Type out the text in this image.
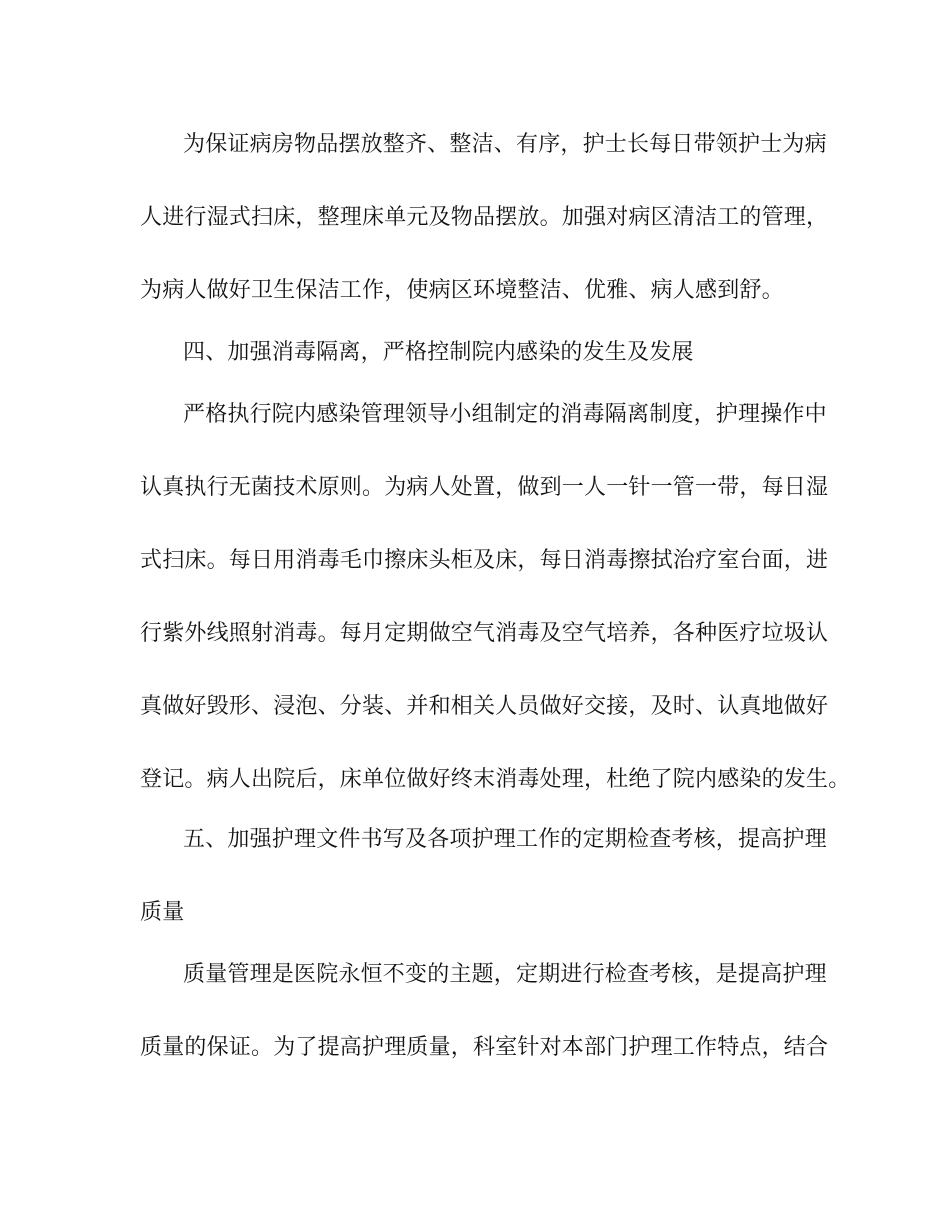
为保证病房物品摆放整齐、整洁、有序，护士长每日带领护士为病
人进行湿式扫床，整理床单元及物品摆放。加强对病区清洁工的管理，
为病人做好卫生保洁工作，使病区环境整洁、优雅、病人感到舒。
四、加强消毒隔离，严格控制院内感染的发生及发展
严格执行院内感染管理领导小组制定的消毒隔离制度，护理操作中
认真执行无菌技术原则。为病人处置，做到一人一针一管一带，每日湿
式扫床。每日用消毒毛巾擦床头柜及床，每日消毒擦拭治疗室台面，进
行紫外线照射消毒。每月定期做空气消毒及空气培养，各种医疗垃圾认
真做好毁形、浸泡、分装、并和相关人员做好交接，及时、认真地做好
登记。病人出院后，床单位做好终末消毒处理，杜绝了院内感染的发生。
五、加强护理文件书写及各项护理工作的定期检查考核，提高护理
质量
质量管理是医院永恒不变的主题，定期进行检查考核，是提高护理
质量的保证。为了提高护理质量，科室针对本部门护理工作特点，结合
